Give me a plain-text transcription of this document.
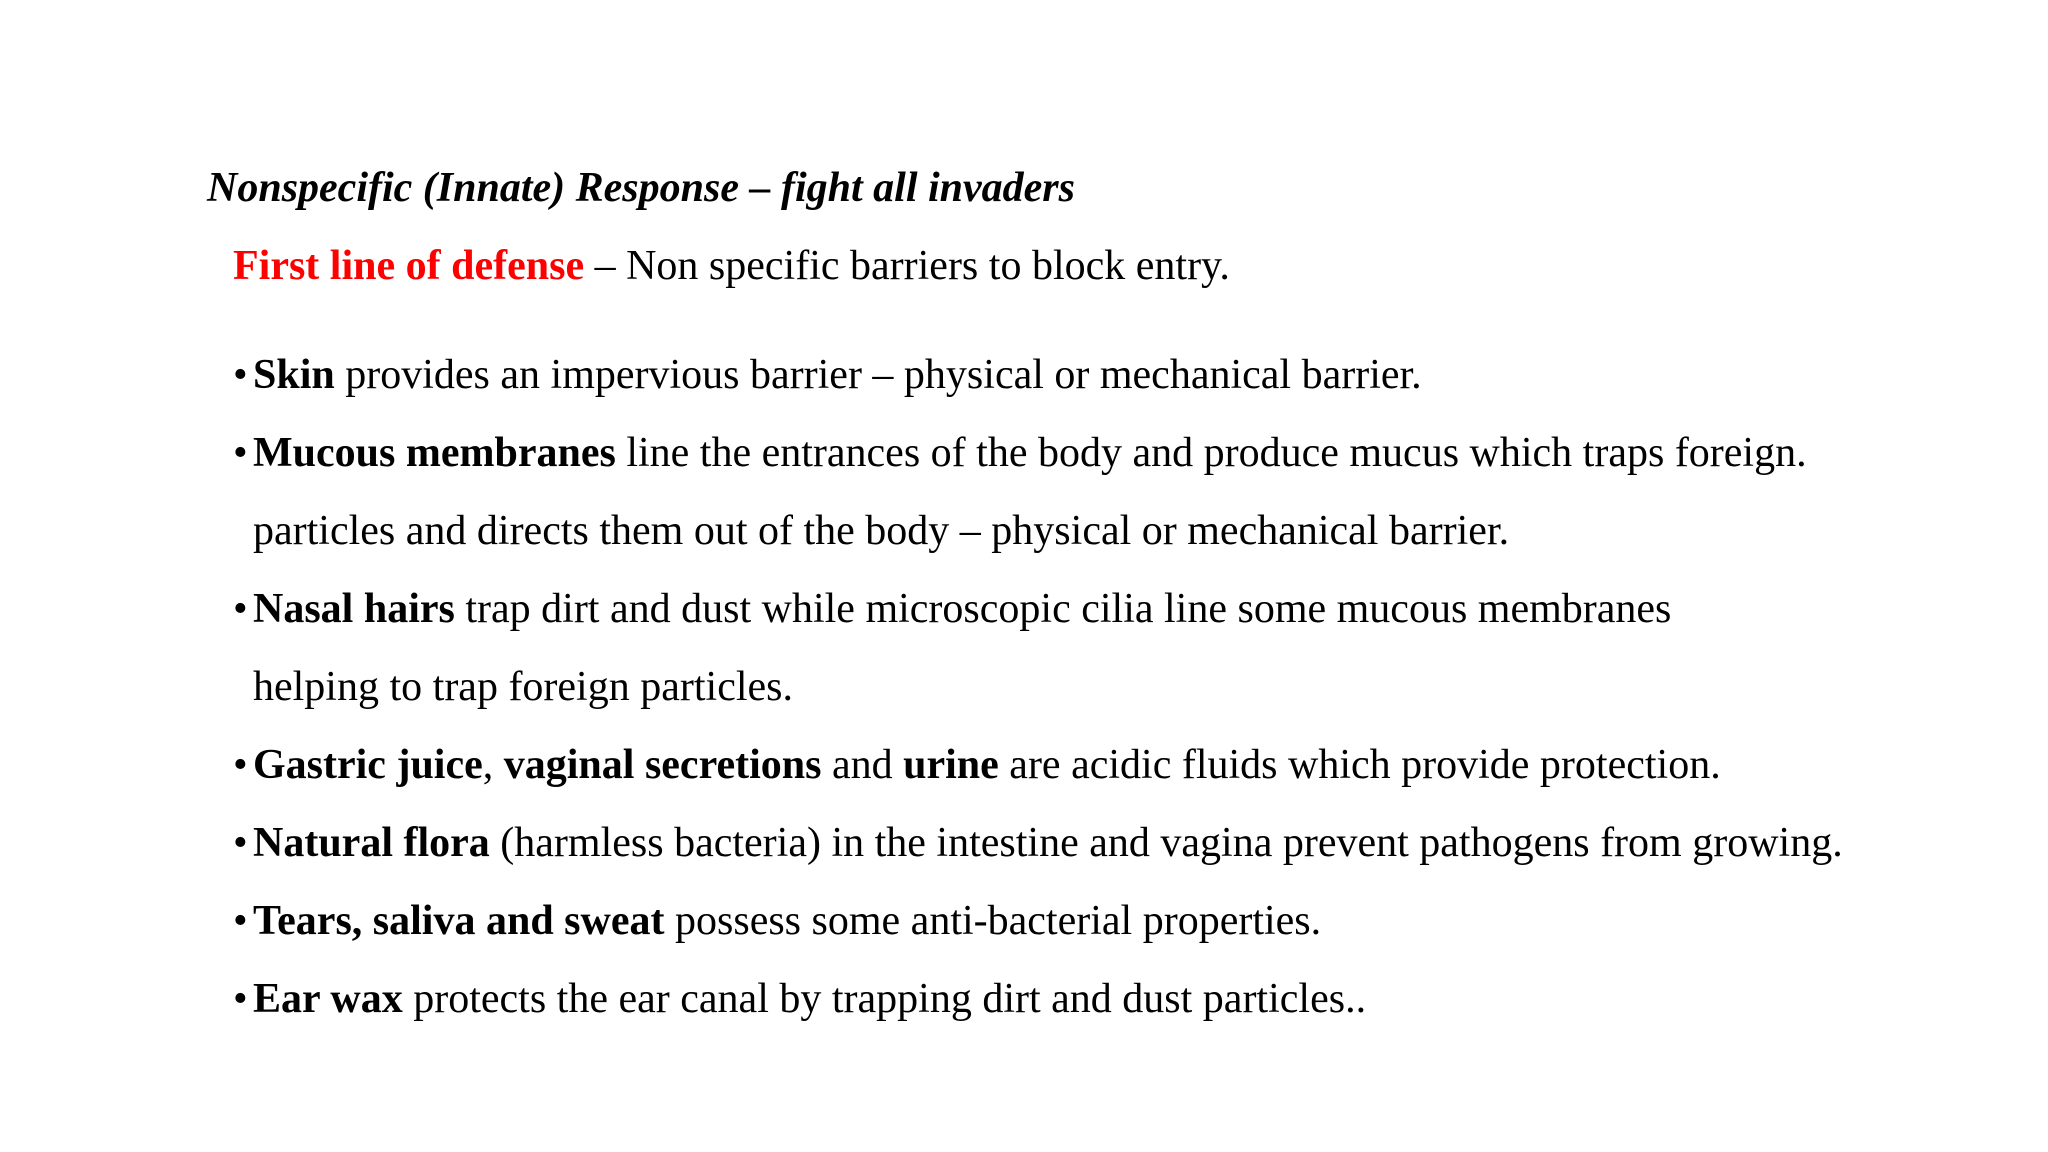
Nonspecific (Innate) Response – fight all invaders
First line of defense – Non specific barriers to block entry.
• Skin provides an impervious barrier – physical or mechanical barrier.
• Mucous membranes line the entrances of the body and produce mucus which traps foreign.
particles and directs them out of the body – physical or mechanical barrier.
• Nasal hairs trap dirt and dust while microscopic cilia line some mucous membranes
helping to trap foreign particles.
• Gastric juice, vaginal secretions and urine are acidic fluids which provide protection.
• Natural flora (harmless bacteria) in the intestine and vagina prevent pathogens from growing.
• Tears, saliva and sweat possess some anti-bacterial properties.
• Ear wax protects the ear canal by trapping dirt and dust particles..
